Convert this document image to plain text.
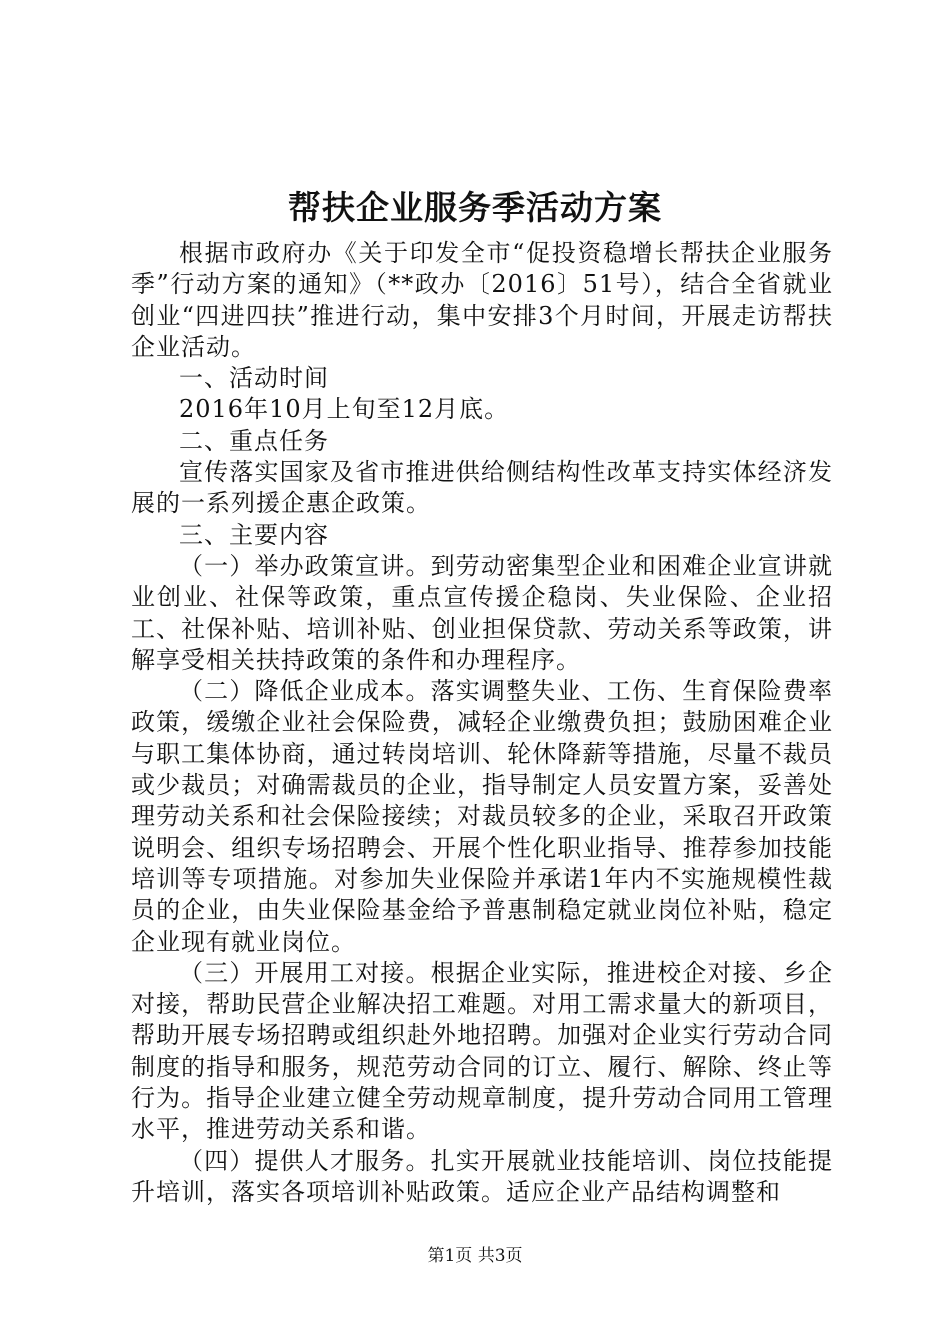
帮扶企业服务季活动方案

根据市政府办《关于印发全市“促投资稳增长帮扶企业服务季”行动方案的通知》（**政办〔2016〕51号），结合全省就业创业“四进四扶”推进行动，集中安排3个月时间，开展走访帮扶企业活动。

一、活动时间

2016年10月上旬至12月底。

二、重点任务

宣传落实国家及省市推进供给侧结构性改革支持实体经济发展的一系列援企惠企政策。

三、主要内容

（一）举办政策宣讲。到劳动密集型企业和困难企业宣讲就业创业、社保等政策，重点宣传援企稳岗、失业保险、企业招工、社保补贴、培训补贴、创业担保贷款、劳动关系等政策，讲解享受相关扶持政策的条件和办理程序。

（二）降低企业成本。落实调整失业、工伤、生育保险费率政策，缓缴企业社会保险费，减轻企业缴费负担；鼓励困难企业与职工集体协商，通过转岗培训、轮休降薪等措施，尽量不裁员或少裁员；对确需裁员的企业，指导制定人员安置方案，妥善处理劳动关系和社会保险接续；对裁员较多的企业，采取召开政策说明会、组织专场招聘会、开展个性化职业指导、推荐参加技能培训等专项措施。对参加失业保险并承诺1年内不实施规模性裁员的企业，由失业保险基金给予普惠制稳定就业岗位补贴，稳定企业现有就业岗位。

（三）开展用工对接。根据企业实际，推进校企对接、乡企对接，帮助民营企业解决招工难题。对用工需求量大的新项目，帮助开展专场招聘或组织赴外地招聘。加强对企业实行劳动合同制度的指导和服务，规范劳动合同的订立、履行、解除、终止等行为。指导企业建立健全劳动规章制度，提升劳动合同用工管理水平，推进劳动关系和谐。

（四）提供人才服务。扎实开展就业技能培训、岗位技能提升培训，落实各项培训补贴政策。适应企业产品结构调整和

第1页 共3页
